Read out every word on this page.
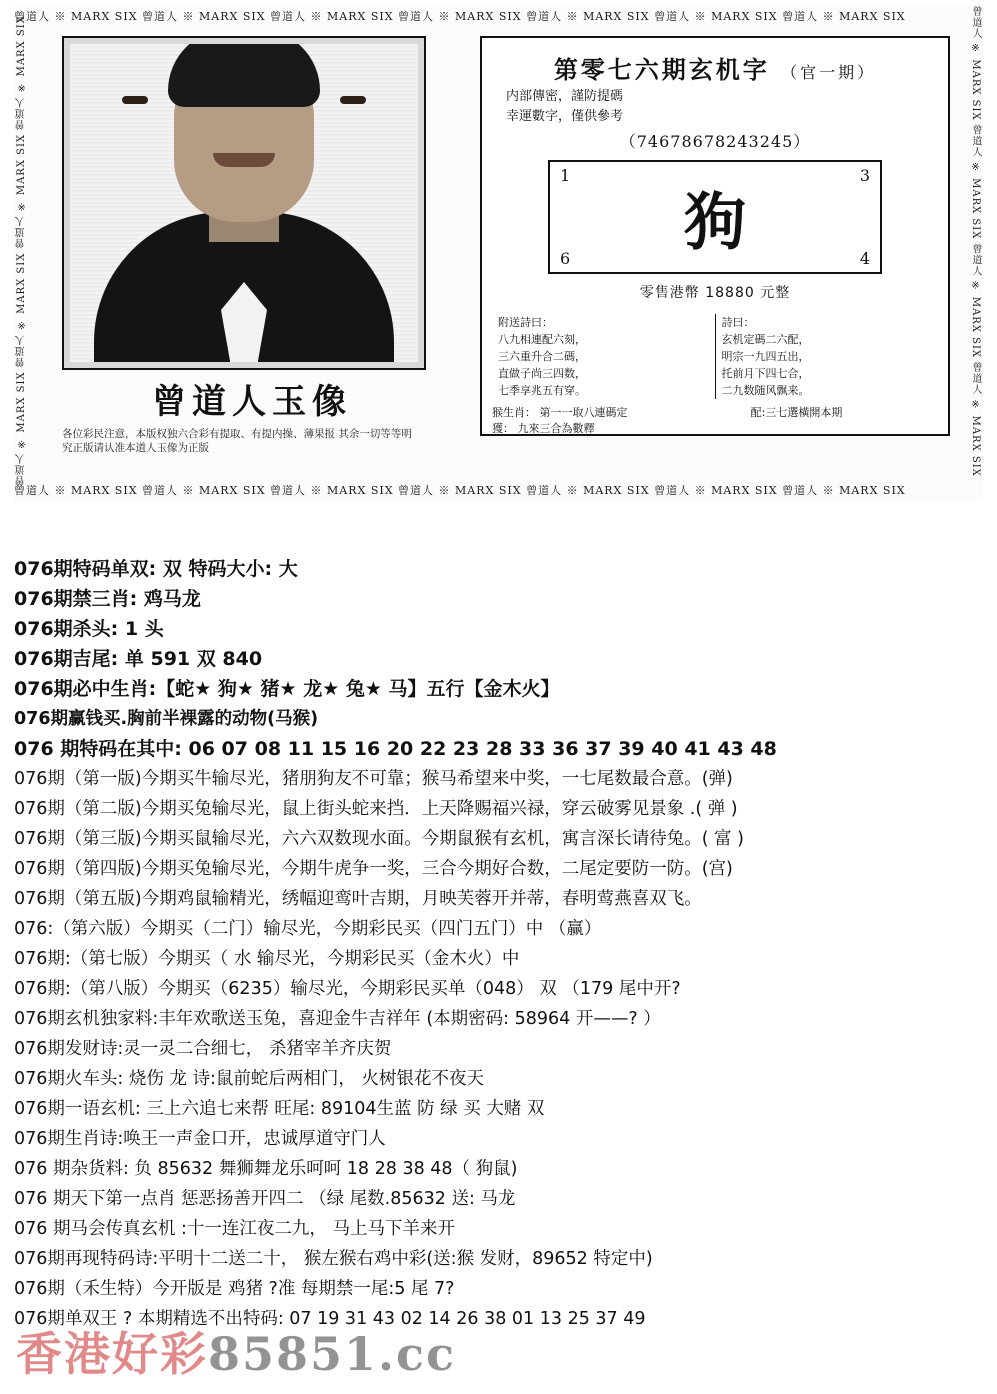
曾道人 ※ MARX SIX 曾道人 ※ MARX SIX 曾道人 ※ MARX SIX 曾道人 ※ MARX SIX 曾道人 ※ MARX SIX 曾道人 ※ MARX SIX 曾道人 ※ MARX SIX
曾道人 ※ MARX SIX 曾道人 ※ MARX SIX 曾道人 ※ MARX SIX 曾道人 ※ MARX SIX 曾道人 ※ MARX SIX 曾道人 ※ MARX SIX 曾道人 ※ MARX SIX
曾道人 ※ MARX SIX 曾道人 ※ MARX SIX 曾道人 ※ MARX SIX 曾道人 ※ MARX SIX	曾道人 ※ MARX SIX 曾道人 ※ MARX SIX 曾道人 ※ MARX SIX 曾道人 ※ MARX SIX
曾道人玉像
各位彩民注意，本版权独六合彩有提取、有提内操、薄果报 其余一切等等明究正版请认准本道人玉像为正版
第零七六期玄机字 （官一期）
内部傳密，謹防提碼
幸運數字，僅供參考
（74678678243245）
1	3
6	4
狗
零售港幣 18880 元整
附送詩曰：
八九相連配六刻，
三六重升合二碼，
直做子尚三四数，
七季享兆五有穿。
詩曰：
玄机定碼二六配，
明宗一九四五出，
托前月下四七合，
二九数随风飘来。
猴生肖： 第一一取八連碼定
獲： 九來三合為數釋
配:三七選橫開本期
076期特码单双: 双 特码大小: 大
076期禁三肖: 鸡马龙
076期杀头: 1 头
076期吉尾: 单 591 双 840
076期必中生肖:【蛇★ 狗★ 猪★ 龙★ 兔★ 马】五行【金木火】
076期赢钱买.胸前半裸露的动物(马猴)
076 期特码在其中: 06 07 08 11 15 16 20 22 23 28 33 36 37 39 40 41 43 48
076期（第一版)今期买牛输尽光，猪朋狗友不可靠；猴马希望来中奖，一七尾数最合意。(弹)
076期（第二版)今期买兔输尽光，鼠上街头蛇来挡．上天降赐福兴禄，穿云破雾见景象 .( 弹 )
076期（第三版)今期买鼠输尽光，六六双数现水面。今期鼠猴有玄机，寓言深长请待兔。( 富 )
076期（第四版)今期买兔输尽光，今期牛虎争一奖，三合今期好合数，二尾定要防一防。(宫)
076期（第五版)今期鸡鼠输精光，绣幅迎鸾叶吉期，月映芙蓉开并蒂，春明莺燕喜双飞。
076:（第六版）今期买（二门）输尽光，今期彩民买（四门五门）中 （赢）
076期:（第七版）今期买（ 水 输尽光，今期彩民买（金木火）中
076期:（第八版）今期买（6235）输尽光，今期彩民买单（048） 双 （179 尾中开?
076期玄机独家料:丰年欢歌送玉兔，喜迎金牛吉祥年 (本期密码: 58964 开——? ）
076期发财诗:灵一灵二合细七， 杀猪宰羊齐庆贺
076期火车头: 烧伤 龙 诗:鼠前蛇后两相门， 火树银花不夜天
076期一语玄机: 三上六追七来帮 旺尾: 89104生蓝 防 绿 买 大赌 双
076期生肖诗:唤王一声金口开，忠诚厚道守门人
076 期杂货料: 负 85632 舞狮舞龙乐呵呵 18 28 38 48（ 狗鼠)
076 期天下第一点肖 惩恶扬善开四二 （绿 尾数.85632 送: 马龙
076 期马会传真玄机 :十一连江夜二九， 马上马下羊来开
076期再现特码诗:平明十二送二十， 猴左猴右鸡中彩(送:猴 发财，89652 特定中)
076期（禾生特）今开版是 鸡猪 ?准 每期禁一尾:5 尾 7?
076期单双王 ? 本期精选不出特码: 07 19 31 43 02 14 26 38 01 13 25 37 49
香港好彩85851.cc
